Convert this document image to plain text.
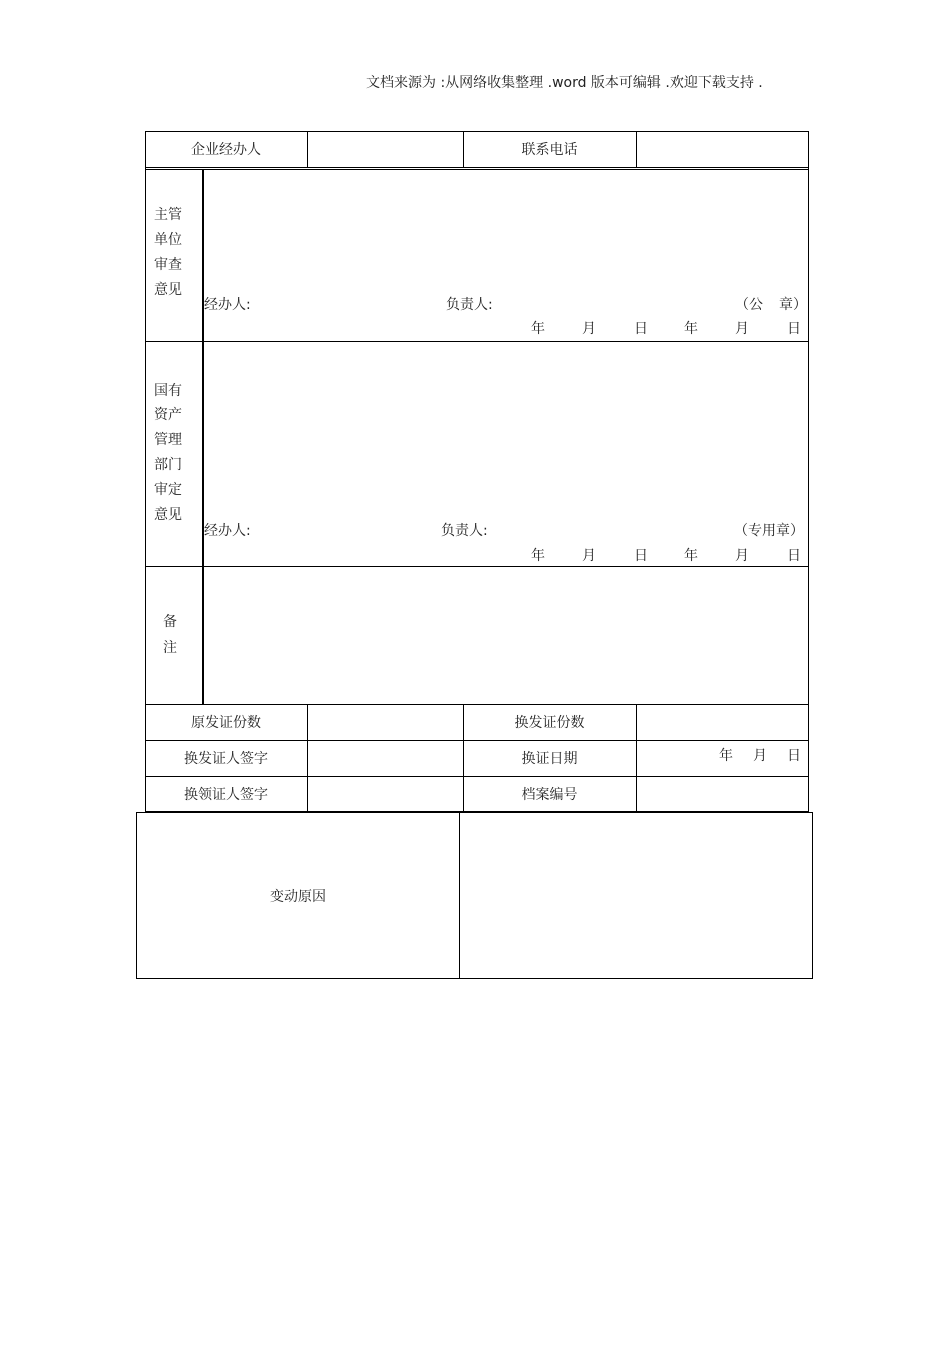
文档来源为 :从网络收集整理 .word 版本可编辑 .欢迎下载支持 .
企业经办人	联系电话
主管
单位
审查
意见
经办人:	负责人:	（公 章）
年	月	日	年	月	日
国有
资产
管理
部门
审定
意见
经办人:	负责人:	（专用章）
年	月	日	年	月	日
备
注
原发证份数	换发证份数
换发证人签字	换证日期	年 月 日
换领证人签字	档案编号
变动原因
